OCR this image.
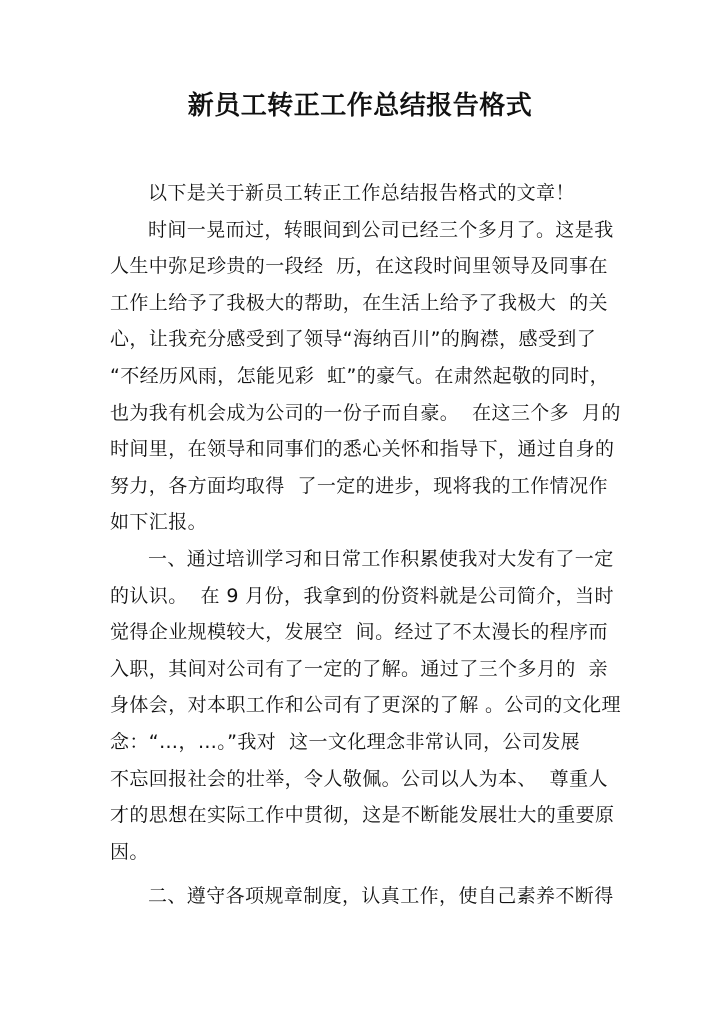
新员工转正工作总结报告格式
以下是关于新员工转正工作总结报告格式的文章！
时间一晃而过，转眼间到公司已经三个多月了。这是我
人生中弥足珍贵的一段经  历，在这段时间里领导及同事在
工作上给予了我极大的帮助，在生活上给予了我极大  的关
心，让我充分感受到了领导“海纳百川”的胸襟，感受到了
“不经历风雨，怎能见彩  虹”的豪气。在肃然起敬的同时，
也为我有机会成为公司的一份子而自豪。  在这三个多  月的
时间里，在领导和同事们的悉心关怀和指导下，通过自身的
努力，各方面均取得  了一定的进步，现将我的工作情况作
如下汇报。
一、通过培训学习和日常工作积累使我对大发有了一定
的认识。  在 9 月份，我拿到的份资料就是公司简介，当时
觉得企业规模较大，发展空  间。经过了不太漫长的程序而
入职，其间对公司有了一定的了解。通过了三个多月的  亲
身体会，对本职工作和公司有了更深的了解 。公司的文化理
念：“…，…。”我对  这一文化理念非常认同，公司发展
不忘回报社会的壮举，令人敬佩。公司以人为本、  尊重人
才的思想在实际工作中贯彻，这是不断能发展壮大的重要原
因。
二、遵守各项规章制度，认真工作，使自己素养不断得
